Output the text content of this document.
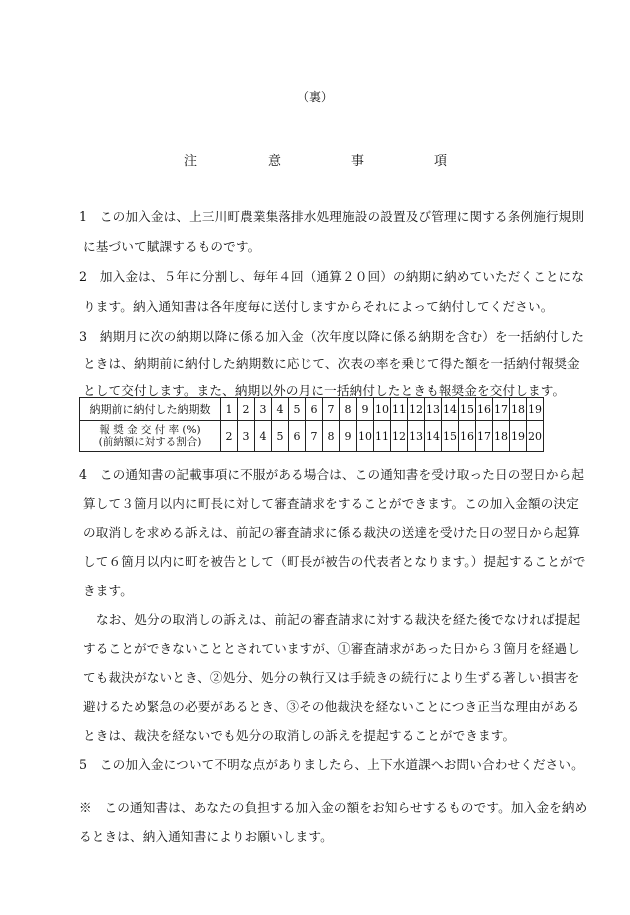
（裏）
注	意	事	項
1　この加入金は、上三川町農業集落排水処理施設の設置及び管理に関する条例施行規則
に基づいて賦課するものです。
2　加入金は、５年に分割し、毎年４回（通算２０回）の納期に納めていただくことにな
ります。納入通知書は各年度毎に送付しますからそれによって納付してください。
3　納期月に次の納期以降に係る加入金（次年度以降に係る納期を含む）を一括納付した
ときは、納期前に納付した納期数に応じて、次表の率を乗じて得た額を一括納付報奨金
として交付します。また、納期以外の月に一括納付したときも報奨金を交付します。
納期前に納付した納期数	1	2	3	4	5	6	7	8	9	10	11	12	13	14	15	16	17	18	19

報 奨 金 交 付 率 (%)
(前納額に対する割合)	2	3	4	5	6	7	8	9	10	11	12	13	14	15	16	17	18	19	20
4　この通知書の記載事項に不服がある場合は、この通知書を受け取った日の翌日から起
算して３箇月以内に町長に対して審査請求をすることができます。この加入金額の決定
の取消しを求める訴えは、前記の審査請求に係る裁決の送達を受けた日の翌日から起算
して６箇月以内に町を被告として（町長が被告の代表者となります。）提起することがで
きます。
なお、処分の取消しの訴えは、前記の審査請求に対する裁決を経た後でなければ提起
することができないこととされていますが、①審査請求があった日から３箇月を経過し
ても裁決がないとき、②処分、処分の執行又は手続きの続行により生ずる著しい損害を
避けるため緊急の必要があるとき、③その他裁決を経ないことにつき正当な理由がある
ときは、裁決を経ないでも処分の取消しの訴えを提起することができます。
5　この加入金について不明な点がありましたら、上下水道課へお問い合わせください。
※　この通知書は、あなたの負担する加入金の額をお知らせするものです。加入金を納め
るときは、納入通知書によりお願いします。
